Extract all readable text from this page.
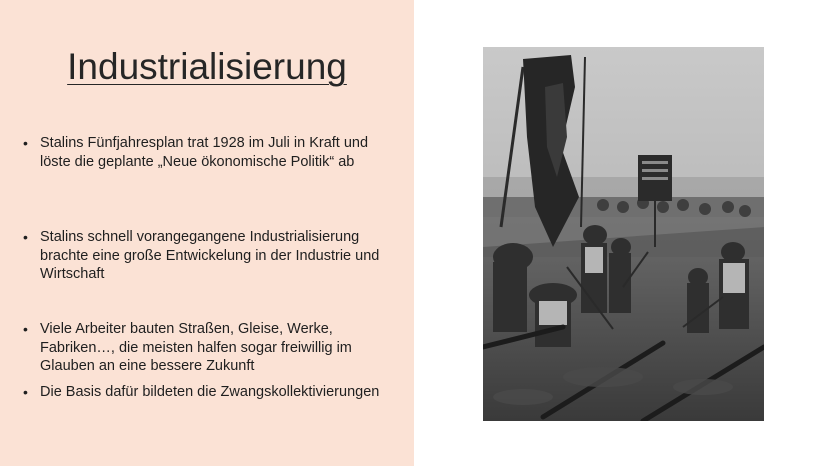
Industrialisierung
• Stalins Fünfjahresplan trat 1928 im Juli in Kraft und löste die geplante „Neue ökonomische Politik“ ab
• Stalins schnell vorangegangene Industrialisierung brachte eine große Entwickelung in der Industrie und Wirtschaft
• Viele Arbeiter bauten Straßen, Gleise, Werke, Fabriken…, die meisten halfen sogar freiwillig im Glauben an eine bessere Zukunft
• Die Basis dafür bildeten die Zwangskollektivierungen
